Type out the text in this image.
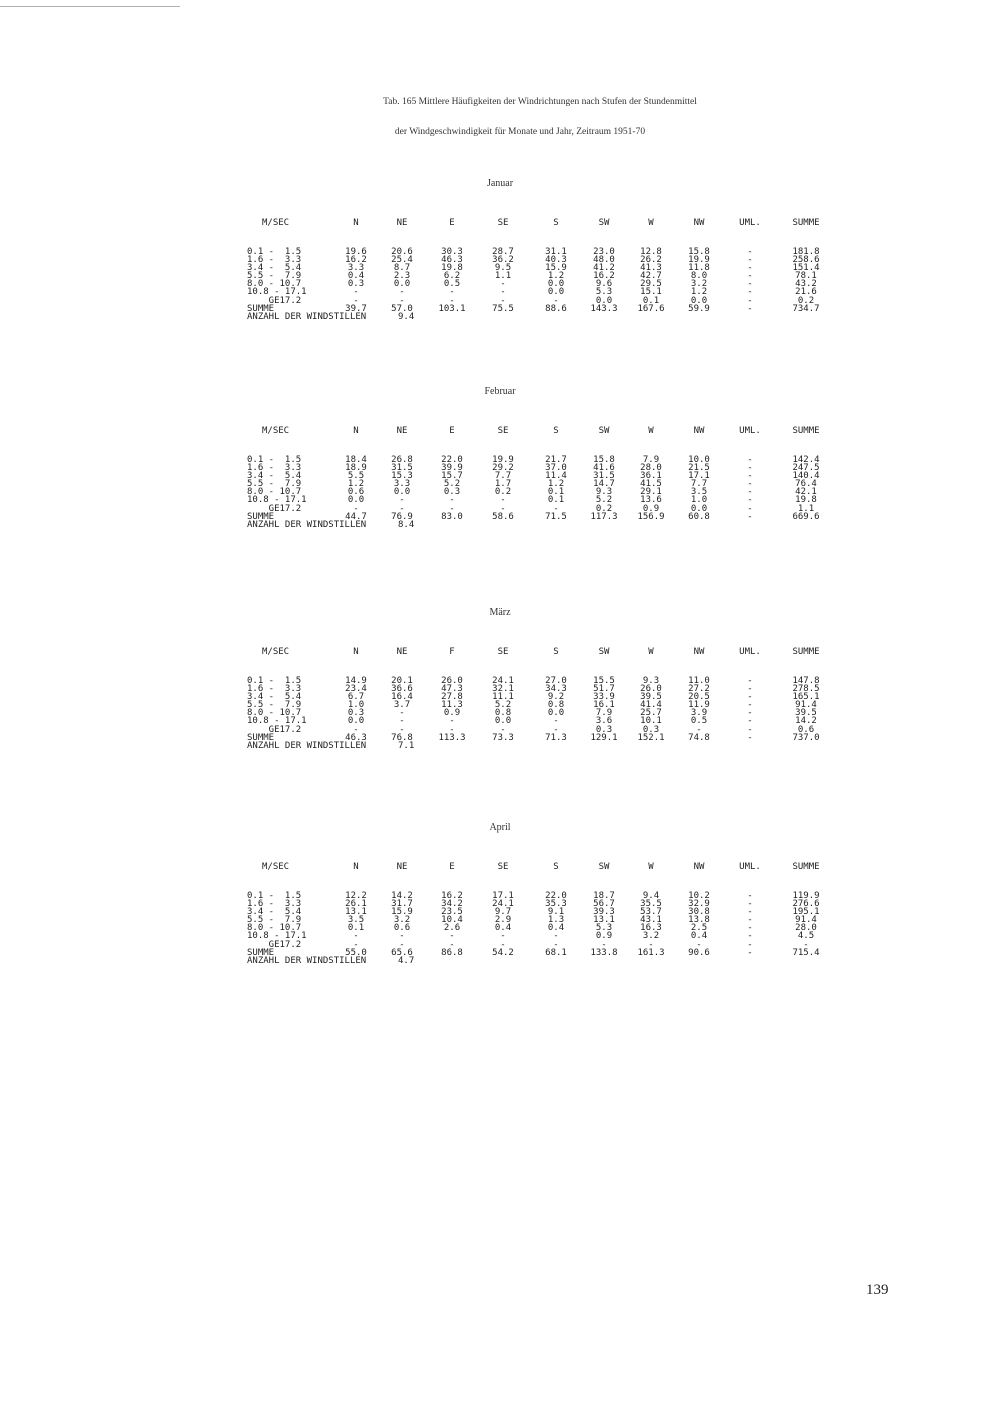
Tab. 165 Mittlere Häufigkeiten der Windrichtungen nach Stufen der Stundenmittel
der Windgeschwindigkeit für Monate und Jahr, Zeitraum 1951-70
Januar
M/SEC	N	NE	E	SE	S	SW	W	NW	UML.	SUMME
0.1 -  1.5	19.6	20.6	30.3	28.7	31.1	23.0	12.8	15.8	-	181.8
1.6 -  3.3	16.2	25.4	46.3	36.2	40.3	48.0	26.2	19.9	-	258.6
3.4 -  5.4	3.3	8.7	19.8	9.5	15.9	41.2	41.3	11.8	-	151.4
5.5 -  7.9	0.4	2.3	6.2	1.1	1.2	16.2	42.7	8.0	-	78.1
8.0 - 10.7	0.3	0.0	0.5	-	0.0	9.6	29.5	3.2	-	43.2
10.8 - 17.1	-	-	-	-	0.0	5.3	15.1	1.2	-	21.6
GE17.2	-	-	-	-	-	0.0	0.1	0.0	-	0.2
SUMME	39.7	57.0	103.1	75.5	88.6	143.3	167.6	59.9	-	734.7
ANZAHL DER WINDSTILLEN	9.4
Februar
M/SEC	N	NE	E	SE	S	SW	W	NW	UML.	SUMME
0.1 -  1.5	18.4	26.8	22.0	19.9	21.7	15.8	7.9	10.0	-	142.4
1.6 -  3.3	18.9	31.5	39.9	29.2	37.0	41.6	28.0	21.5	-	247.5
3.4 -  5.4	5.5	15.3	15.7	7.7	11.4	31.5	36.1	17.1	-	140.4
5.5 -  7.9	1.2	3.3	5.2	1.7	1.2	14.7	41.5	7.7	-	76.4
8.0 - 10.7	0.6	0.0	0.3	0.2	0.1	9.3	29.1	3.5	-	42.1
10.8 - 17.1	0.0	-	-	-	0.1	5.2	13.6	1.0	-	19.8
GE17.2	-	-	-	-	-	0.2	0.9	0.0	-	1.1
SUMME	44.7	76.9	83.0	58.6	71.5	117.3	156.9	60.8	-	669.6
ANZAHL DER WINDSTILLEN	8.4
März
M/SEC	N	NE	F	SE	S	SW	W	NW	UML.	SUMME
0.1 -  1.5	14.9	20.1	26.0	24.1	27.0	15.5	9.3	11.0	-	147.8
1.6 -  3.3	23.4	36.6	47.3	32.1	34.3	51.7	26.0	27.2	-	278.5
3.4 -  5.4	6.7	16.4	27.8	11.1	9.2	33.9	39.5	20.5	-	165.1
5.5 -  7.9	1.0	3.7	11.3	5.2	0.8	16.1	41.4	11.9	-	91.4
8.0 - 10.7	0.3	-	0.9	0.8	0.0	7.9	25.7	3.9	-	39.5
10.8 - 17.1	0.0	-	-	0.0	-	3.6	10.1	0.5	-	14.2
GE17.2	-	-	-	-	-	0.3	0.3	-	-	0.6
SUMME	46.3	76.8	113.3	73.3	71.3	129.1	152.1	74.8	-	737.0
ANZAHL DER WINDSTILLEN	7.1
April
M/SEC	N	NE	E	SE	S	SW	W	NW	UML.	SUMME
0.1 -  1.5	12.2	14.2	16.2	17.1	22.0	18.7	9.4	10.2	-	119.9
1.6 -  3.3	26.1	31.7	34.2	24.1	35.3	56.7	35.5	32.9	-	276.6
3.4 -  5.4	13.1	15.9	23.5	9.7	9.1	39.3	53.7	30.8	-	195.1
5.5 -  7.9	3.5	3.2	10.4	2.9	1.3	13.1	43.1	13.8	-	91.4
8.0 - 10.7	0.1	0.6	2.6	0.4	0.4	5.3	16.3	2.5	-	28.0
10.8 - 17.1	-	-	-	-	-	0.9	3.2	0.4	-	4.5
GE17.2	-	-	-	-	-	-	-	-	-	-
SUMME	55.0	65.6	86.8	54.2	68.1	133.8	161.3	90.6	-	715.4
ANZAHL DER WINDSTILLEN	4.7
139
